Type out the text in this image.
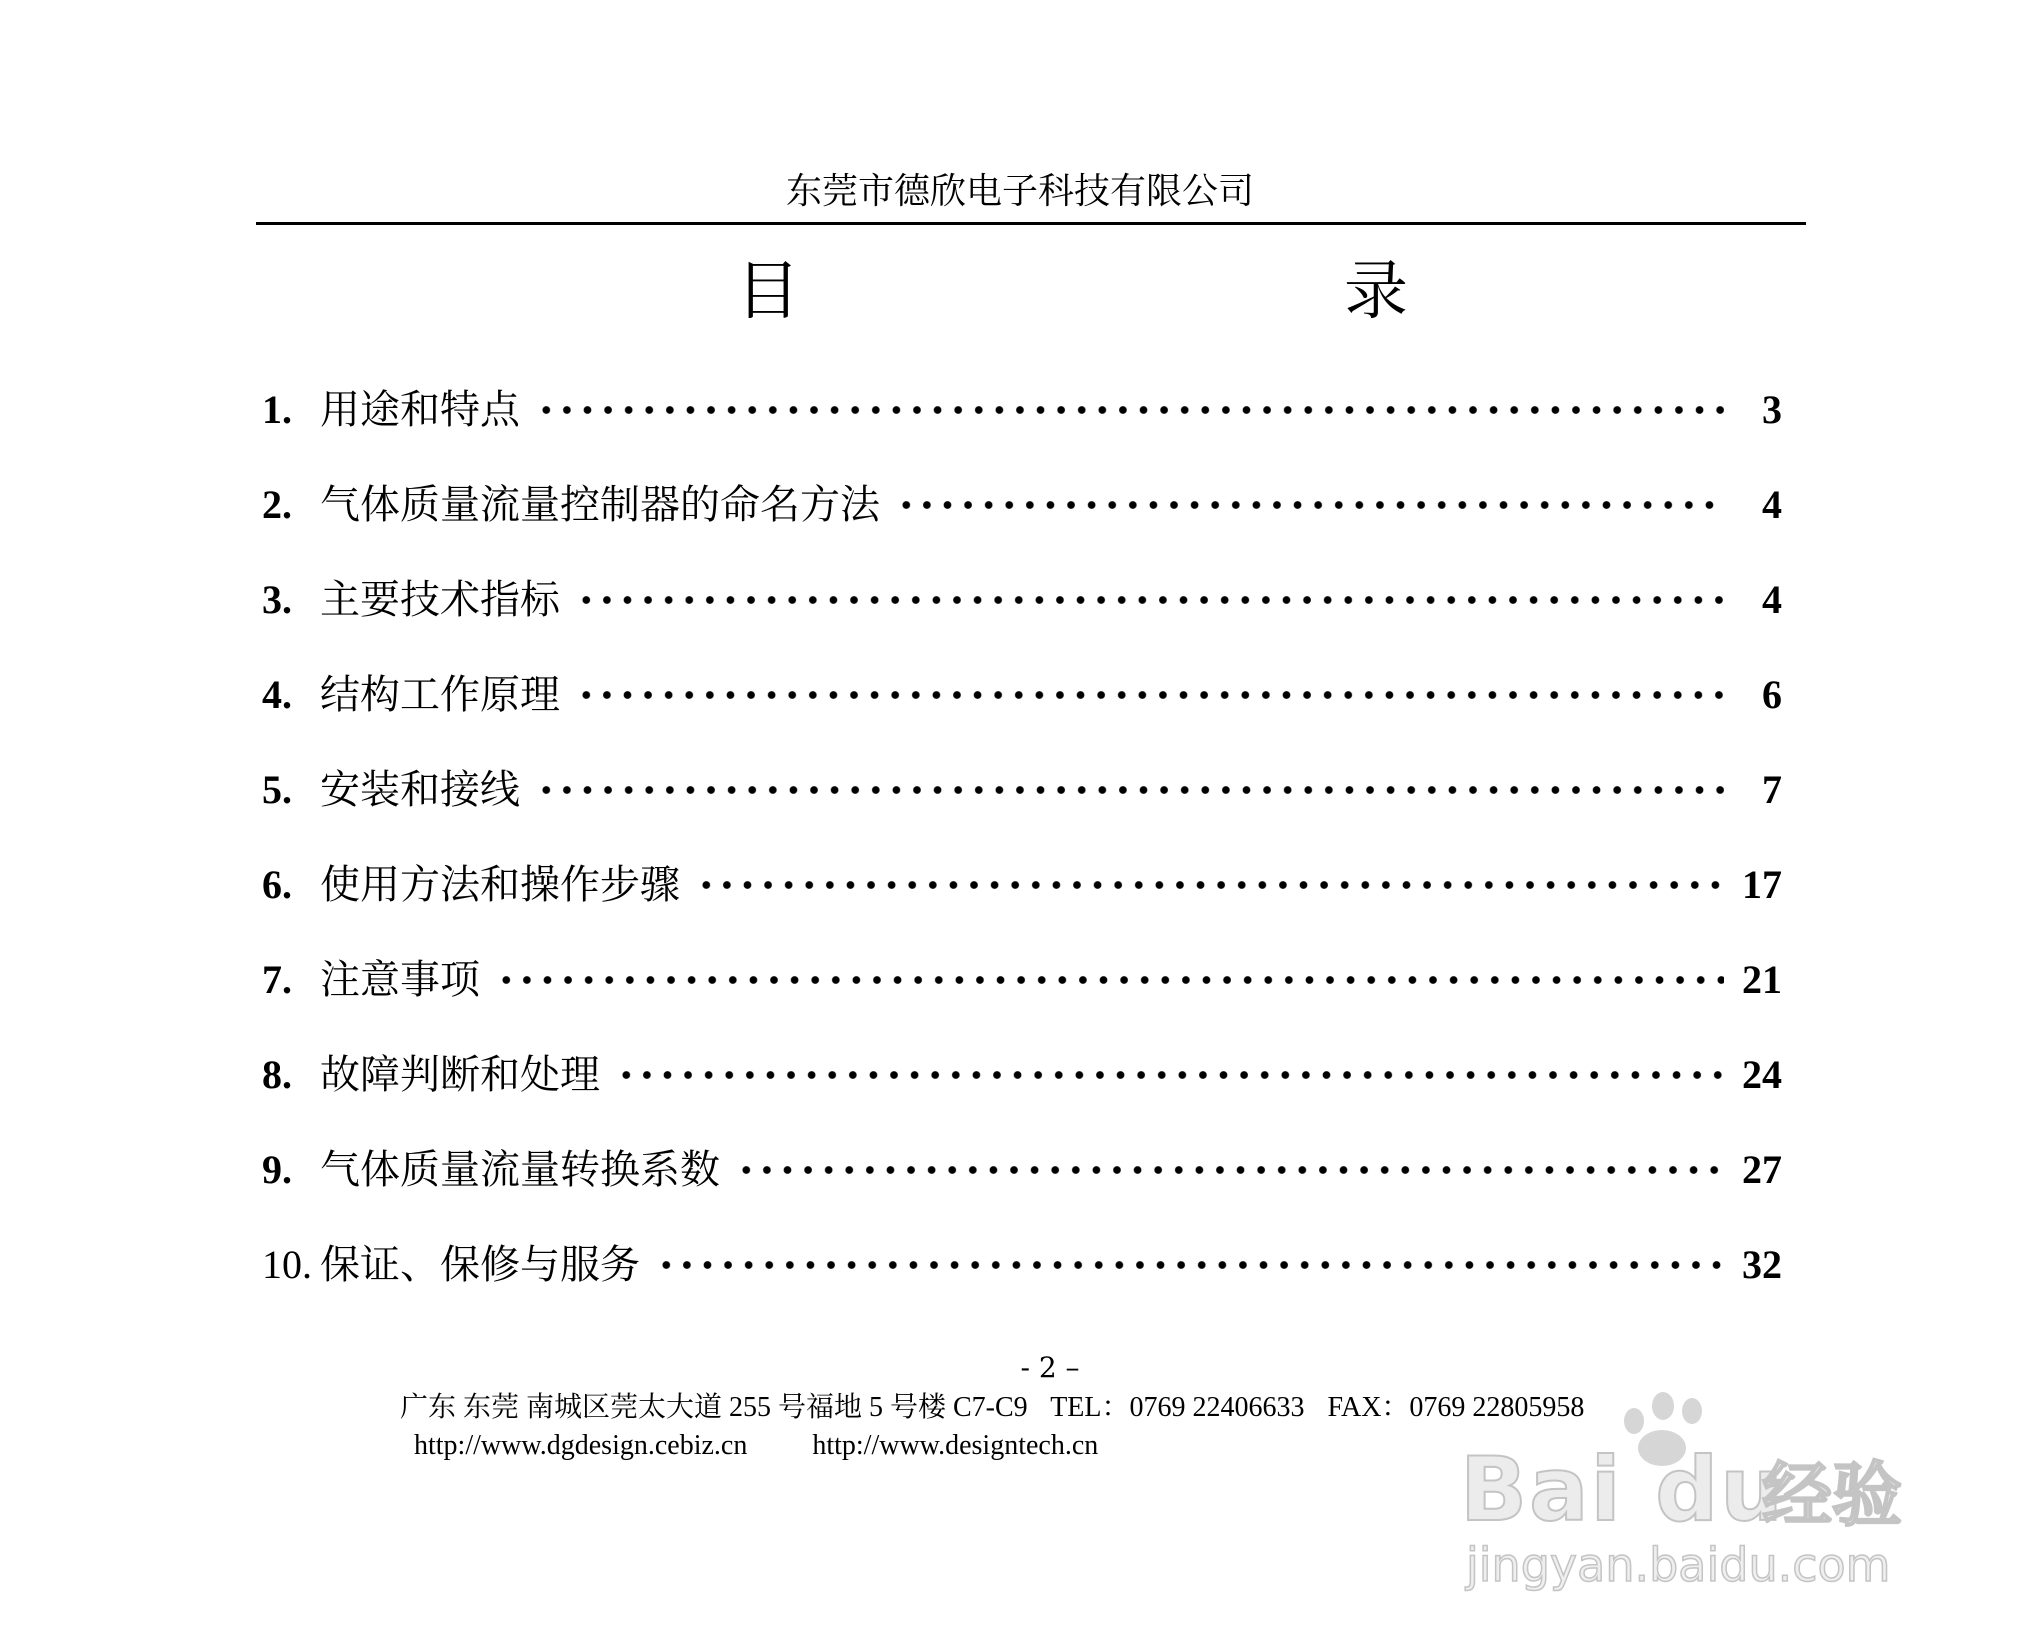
东莞市德欣电子科技有限公司
目	录
1. 用途和特点	3
2. 气体质量流量控制器的命名方法	4
3. 主要技术指标	4
4. 结构工作原理	6
5. 安装和接线	7
6. 使用方法和操作步骤	17
7. 注意事项	21
8. 故障判断和处理	24
9. 气体质量流量转换系数	27
10. 保证、保修与服务	32
- 2 –
广东 东莞 南城区莞太大道 255 号福地 5 号楼 C7-C9 TEL：0769 22406633 FAX：0769 22805958
http://www.dgdesign.cebiz.cn http://www.designtech.cn	Bai du
经验
jingyan.baidu.com
